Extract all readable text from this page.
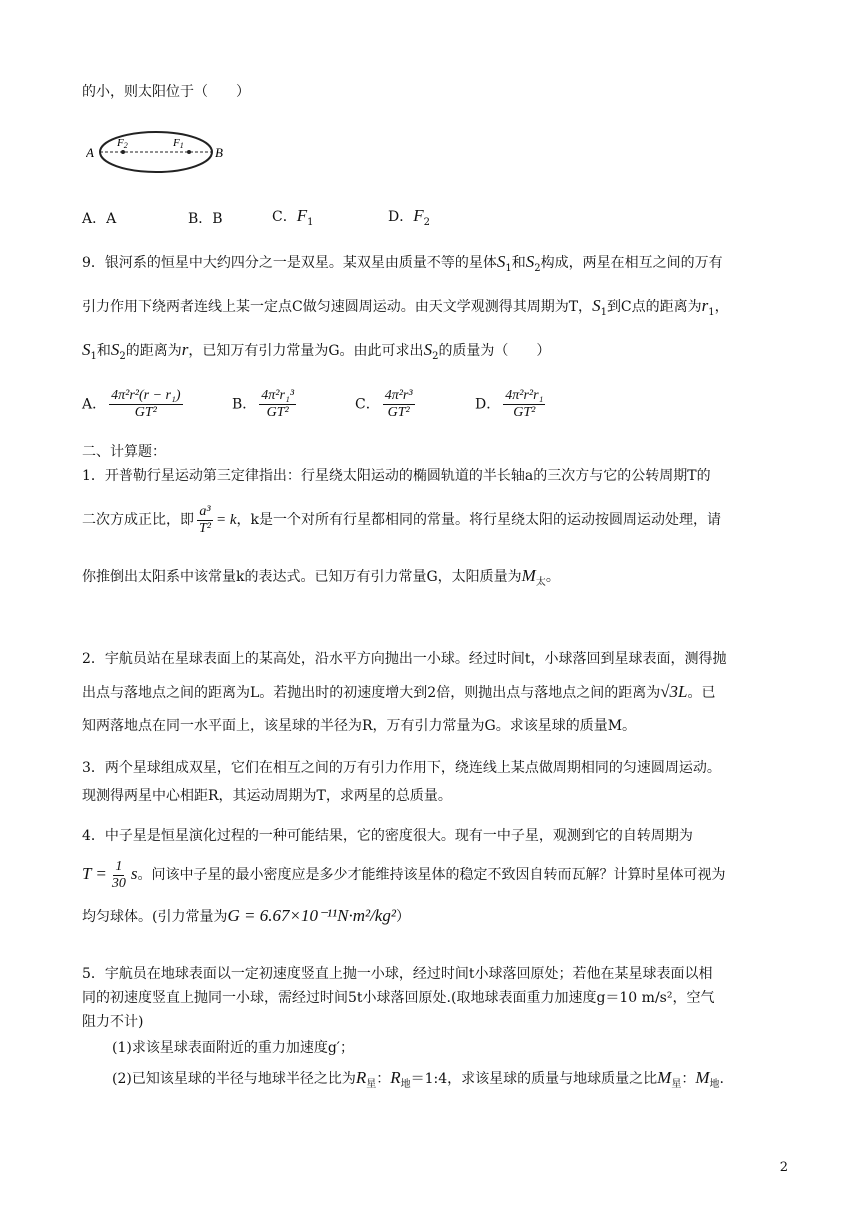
的小，则太阳位于（　　）
A	B
F2	F1
A．A	B．B	C．$F_1$	D．$F_2$
9．银河系的恒星中大约四分之一是双星。某双星由质量不等的星体$S_1$和$S_2$构成，两星在相互之间的万有
引力作用下绕两者连线上某一定点C做匀速圆周运动。由天文学观测得其周期为T，$S_1$到C点的距离为$r_1$，
$S_1$和$S_2$的距离为r，已知万有引力常量为G。由此可求出$S_2$的质量为（　　）
A． $\frac{\text{4π²r²(r − r₁)}}{\text{GT²}}$	B． $\frac{\text{4π²r₁³}}{\text{GT²}}$	C． $\frac{\text{4π²r³}}{\text{GT²}}$	D． $\frac{\text{4π²r²r₁}}{\text{GT²}}$
二、计算题：
1．开普勒行星运动第三定律指出：行星绕太阳运动的椭圆轨道的半长轴a的三次方与它的公转周期T的
二次方成正比，即 $\frac{\text{a³}}{\text{T²}} = k$，k是一个对所有行星都相同的常量。将行星绕太阳的运动按圆周运动处理，请
你推倒出太阳系中该常量k的表达式。已知万有引力常量G，太阳质量为$M_太$。
2．宇航员站在星球表面上的某高处，沿水平方向抛出一小球。经过时间t，小球落回到星球表面，测得抛
出点与落地点之间的距离为L。若抛出时的初速度增大到2倍，则抛出点与落地点之间的距离为√3L。已
知两落地点在同一水平面上，该星球的半径为R，万有引力常量为G。求该星球的质量M。
3．两个星球组成双星，它们在相互之间的万有引力作用下，绕连线上某点做周期相同的匀速圆周运动。
现测得两星中心相距R，其运动周期为T，求两星的总质量。
4．中子星是恒星演化过程的一种可能结果，它的密度很大。现有一中子星，观测到它的自转周期为
$T = \frac{1}{30}$ s。问该中子星的最小密度应是多少才能维持该星体的稳定不致因自转而瓦解？计算时星体可视为
均匀球体。(引力常量为G = 6.67×10⁻¹¹N·m²/kg²）
5．宇航员在地球表面以一定初速度竖直上抛一小球，经过时间t小球落回原处；若他在某星球表面以相
同的初速度竖直上抛同一小球，需经过时间5t小球落回原处.(取地球表面重力加速度g＝10 m/s²，空气
阻力不计)
(1)求该星球表面附近的重力加速度g′；
(2)已知该星球的半径与地球半径之比为$R_星$：$R_地=1:4$，求该星球的质量与地球质量之比$M_星$：$M_地$.
2
